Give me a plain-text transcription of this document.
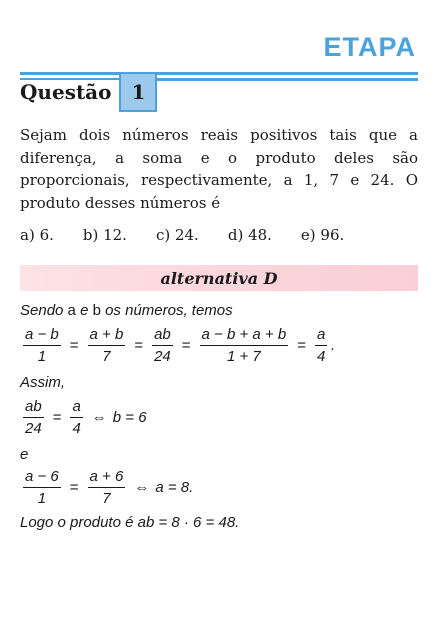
ETAPA
Questão	1
Sejam dois números reais positivos tais que a diferença, a soma e o produto deles são proporcionais, respectivamente, a 1, 7 e 24. O produto desses números é
a) 6. b) 12. c) 24. d) 48. e) 96.
alternativa D
Sendo a e b os números, temos
$\frac{a - b}{1} = \frac{a + b}{7} = \frac{ab}{24} = \frac{a - b + a + b}{1 + 7} = \frac{a}{4}$ .
Assim,
$\frac{ab}{24} = \frac{a}{4}$ ⇔ b = 6
e
$\frac{a - 6}{1} = \frac{a + 6}{7}$ ⇔ a = 8.
Logo o produto é ab = 8 · 6 = 48.
